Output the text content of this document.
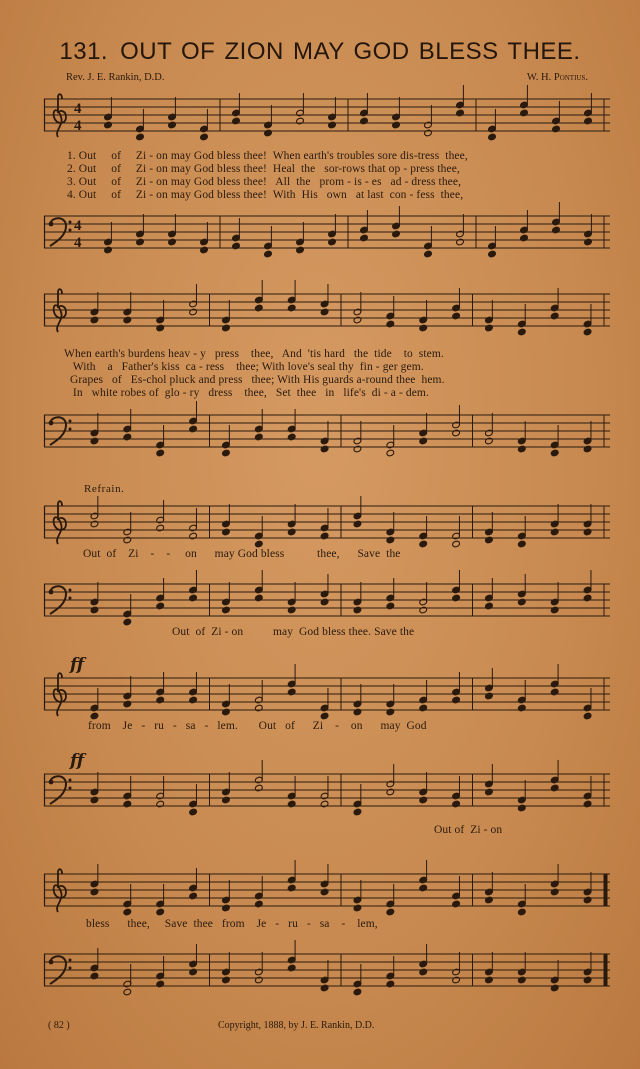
131. OUT OF ZION MAY GOD BLESS THEE.
Rev. J. E. Rankin, D.D.	W. H. Pontius.
4
4
1. Out     of     Zi - on may God bless thee!  When earth's troubles sore dis-tress  thee,
2. Out     of     Zi - on may God bless thee!  Heal  the   sor-rows that op - press thee,
3. Out     of     Zi - on may God bless thee!   All  the   prom - is - es   ad - dress thee,
4. Out     of     Zi - on may God bless thee!  With  His   own   at last  con - fess  thee,
4
4
When earth's burdens heav - y   press    thee,   And  'tis hard   the  tide    to  stem.
With    a   Father's kiss  ca - ress    thee; With love's seal thy  fin - ger gem.
Grapes   of   Es-chol pluck and press   thee; With His guards a-round thee  hem.
In   white robes of  glo - ry   dress    thee,   Set  thee   in   life's  di - a - dem.
Refrain.
Out  of    Zi    -    -     on      may God bless           thee,      Save  the
Out  of  Zi - on          may  God bless thee. Save the
ff
from    Je   -   ru   -   sa   -   lem.       Out   of      Zi    -    on      may  God
ff
Out of  Zi - on
bless      thee,     Save  thee   from    Je   -   ru   -   sa    -    lem,
( 82 )	Copyright, 1888, by J. E. Rankin, D.D.
